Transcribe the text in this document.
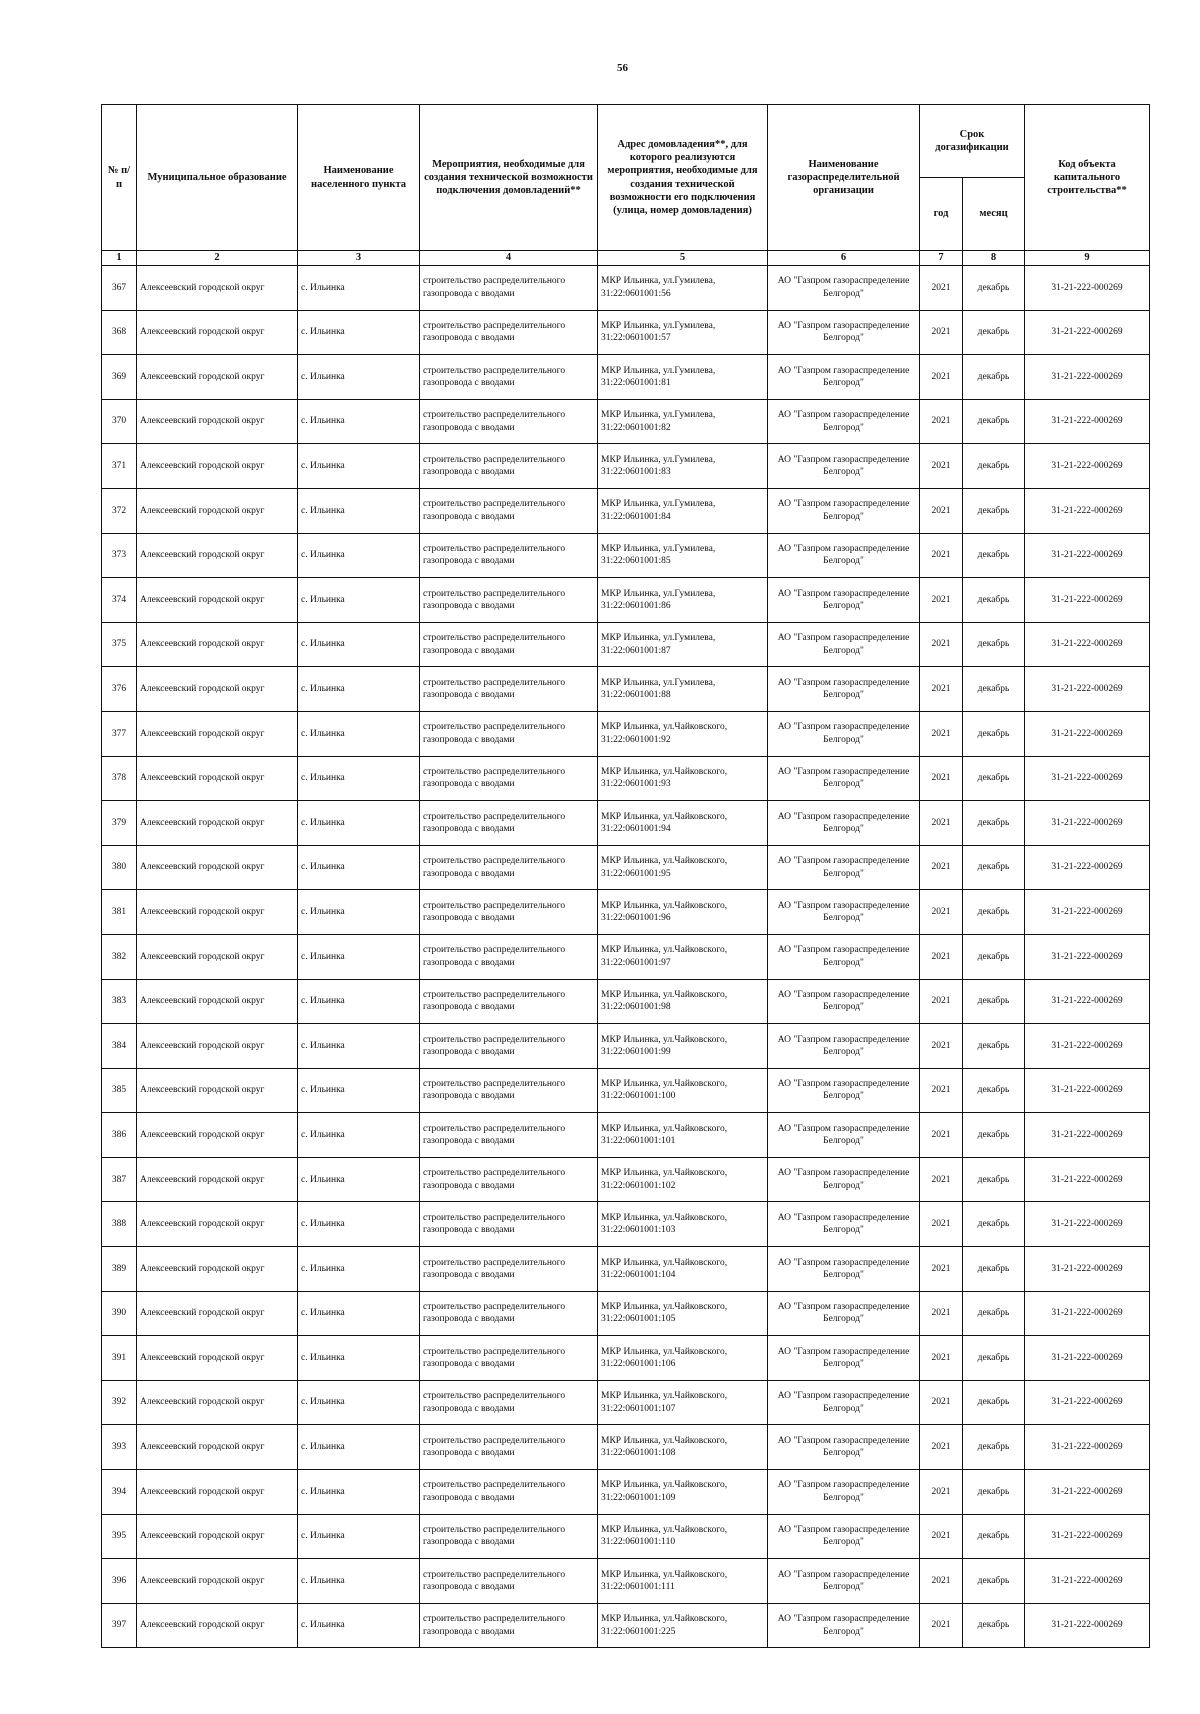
56
№ п/п	Муниципальное образование	Наименование населенного пункта	Мероприятия, необходимые для создания технической возможности подключения домовладений**	Адрес домовладения**, для которого реализуются мероприятия, необходимые для создания технической возможности его подключения (улица, номер домовладения)	Наименование газораспределительной организации	Срок догазификации		Код объекта капитального строительства**
						год	месяц	
1	2	3	4	5	6	7	8	9
367	Алексеевский городской округ	с. Ильинка	строительство распределительного газопровода с вводами	МКР Ильинка, ул.Гумилева, 31:22:0601001:56	АО "Газпром газораспределение Белгород"	2021	декабрь	31-21-222-000269
368	Алексеевский городской округ	с. Ильинка	строительство распределительного газопровода с вводами	МКР Ильинка, ул.Гумилева, 31:22:0601001:57	АО "Газпром газораспределение Белгород"	2021	декабрь	31-21-222-000269
369	Алексеевский городской округ	с. Ильинка	строительство распределительного газопровода с вводами	МКР Ильинка, ул.Гумилева, 31:22:0601001:81	АО "Газпром газораспределение Белгород"	2021	декабрь	31-21-222-000269
370	Алексеевский городской округ	с. Ильинка	строительство распределительного газопровода с вводами	МКР Ильинка, ул.Гумилева, 31:22:0601001:82	АО "Газпром газораспределение Белгород"	2021	декабрь	31-21-222-000269
371	Алексеевский городской округ	с. Ильинка	строительство распределительного газопровода с вводами	МКР Ильинка, ул.Гумилева, 31:22:0601001:83	АО "Газпром газораспределение Белгород"	2021	декабрь	31-21-222-000269
372	Алексеевский городской округ	с. Ильинка	строительство распределительного газопровода с вводами	МКР Ильинка, ул.Гумилева, 31:22:0601001:84	АО "Газпром газораспределение Белгород"	2021	декабрь	31-21-222-000269
373	Алексеевский городской округ	с. Ильинка	строительство распределительного газопровода с вводами	МКР Ильинка, ул.Гумилева, 31:22:0601001:85	АО "Газпром газораспределение Белгород"	2021	декабрь	31-21-222-000269
374	Алексеевский городской округ	с. Ильинка	строительство распределительного газопровода с вводами	МКР Ильинка, ул.Гумилева, 31:22:0601001:86	АО "Газпром газораспределение Белгород"	2021	декабрь	31-21-222-000269
375	Алексеевский городской округ	с. Ильинка	строительство распределительного газопровода с вводами	МКР Ильинка, ул.Гумилева, 31:22:0601001:87	АО "Газпром газораспределение Белгород"	2021	декабрь	31-21-222-000269
376	Алексеевский городской округ	с. Ильинка	строительство распределительного газопровода с вводами	МКР Ильинка, ул.Гумилева, 31:22:0601001:88	АО "Газпром газораспределение Белгород"	2021	декабрь	31-21-222-000269
377	Алексеевский городской округ	с. Ильинка	строительство распределительного газопровода с вводами	МКР Ильинка, ул.Чайковского, 31:22:0601001:92	АО "Газпром газораспределение Белгород"	2021	декабрь	31-21-222-000269
378	Алексеевский городской округ	с. Ильинка	строительство распределительного газопровода с вводами	МКР Ильинка, ул.Чайковского, 31:22:0601001:93	АО "Газпром газораспределение Белгород"	2021	декабрь	31-21-222-000269
379	Алексеевский городской округ	с. Ильинка	строительство распределительного газопровода с вводами	МКР Ильинка, ул.Чайковского, 31:22:0601001:94	АО "Газпром газораспределение Белгород"	2021	декабрь	31-21-222-000269
380	Алексеевский городской округ	с. Ильинка	строительство распределительного газопровода с вводами	МКР Ильинка, ул.Чайковского, 31:22:0601001:95	АО "Газпром газораспределение Белгород"	2021	декабрь	31-21-222-000269
381	Алексеевский городской округ	с. Ильинка	строительство распределительного газопровода с вводами	МКР Ильинка, ул.Чайковского, 31:22:0601001:96	АО "Газпром газораспределение Белгород"	2021	декабрь	31-21-222-000269
382	Алексеевский городской округ	с. Ильинка	строительство распределительного газопровода с вводами	МКР Ильинка, ул.Чайковского, 31:22:0601001:97	АО "Газпром газораспределение Белгород"	2021	декабрь	31-21-222-000269
383	Алексеевский городской округ	с. Ильинка	строительство распределительного газопровода с вводами	МКР Ильинка, ул.Чайковского, 31:22:0601001:98	АО "Газпром газораспределение Белгород"	2021	декабрь	31-21-222-000269
384	Алексеевский городской округ	с. Ильинка	строительство распределительного газопровода с вводами	МКР Ильинка, ул.Чайковского, 31:22:0601001:99	АО "Газпром газораспределение Белгород"	2021	декабрь	31-21-222-000269
385	Алексеевский городской округ	с. Ильинка	строительство распределительного газопровода с вводами	МКР Ильинка, ул.Чайковского, 31:22:0601001:100	АО "Газпром газораспределение Белгород"	2021	декабрь	31-21-222-000269
386	Алексеевский городской округ	с. Ильинка	строительство распределительного газопровода с вводами	МКР Ильинка, ул.Чайковского, 31:22:0601001:101	АО "Газпром газораспределение Белгород"	2021	декабрь	31-21-222-000269
387	Алексеевский городской округ	с. Ильинка	строительство распределительного газопровода с вводами	МКР Ильинка, ул.Чайковского, 31:22:0601001:102	АО "Газпром газораспределение Белгород"	2021	декабрь	31-21-222-000269
388	Алексеевский городской округ	с. Ильинка	строительство распределительного газопровода с вводами	МКР Ильинка, ул.Чайковского, 31:22:0601001:103	АО "Газпром газораспределение Белгород"	2021	декабрь	31-21-222-000269
389	Алексеевский городской округ	с. Ильинка	строительство распределительного газопровода с вводами	МКР Ильинка, ул.Чайковского, 31:22:0601001:104	АО "Газпром газораспределение Белгород"	2021	декабрь	31-21-222-000269
390	Алексеевский городской округ	с. Ильинка	строительство распределительного газопровода с вводами	МКР Ильинка, ул.Чайковского, 31:22:0601001:105	АО "Газпром газораспределение Белгород"	2021	декабрь	31-21-222-000269
391	Алексеевский городской округ	с. Ильинка	строительство распределительного газопровода с вводами	МКР Ильинка, ул.Чайковского, 31:22:0601001:106	АО "Газпром газораспределение Белгород"	2021	декабрь	31-21-222-000269
392	Алексеевский городской округ	с. Ильинка	строительство распределительного газопровода с вводами	МКР Ильинка, ул.Чайковского, 31:22:0601001:107	АО "Газпром газораспределение Белгород"	2021	декабрь	31-21-222-000269
393	Алексеевский городской округ	с. Ильинка	строительство распределительного газопровода с вводами	МКР Ильинка, ул.Чайковского, 31:22:0601001:108	АО "Газпром газораспределение Белгород"	2021	декабрь	31-21-222-000269
394	Алексеевский городской округ	с. Ильинка	строительство распределительного газопровода с вводами	МКР Ильинка, ул.Чайковского, 31:22:0601001:109	АО "Газпром газораспределение Белгород"	2021	декабрь	31-21-222-000269
395	Алексеевский городской округ	с. Ильинка	строительство распределительного газопровода с вводами	МКР Ильинка, ул.Чайковского, 31:22:0601001:110	АО "Газпром газораспределение Белгород"	2021	декабрь	31-21-222-000269
396	Алексеевский городской округ	с. Ильинка	строительство распределительного газопровода с вводами	МКР Ильинка, ул.Чайковского, 31:22:0601001:111	АО "Газпром газораспределение Белгород"	2021	декабрь	31-21-222-000269
397	Алексеевский городской округ	с. Ильинка	строительство распределительного газопровода с вводами	МКР Ильинка, ул.Чайковского, 31:22:0601001:225	АО "Газпром газораспределение Белгород"	2021	декабрь	31-21-222-000269
